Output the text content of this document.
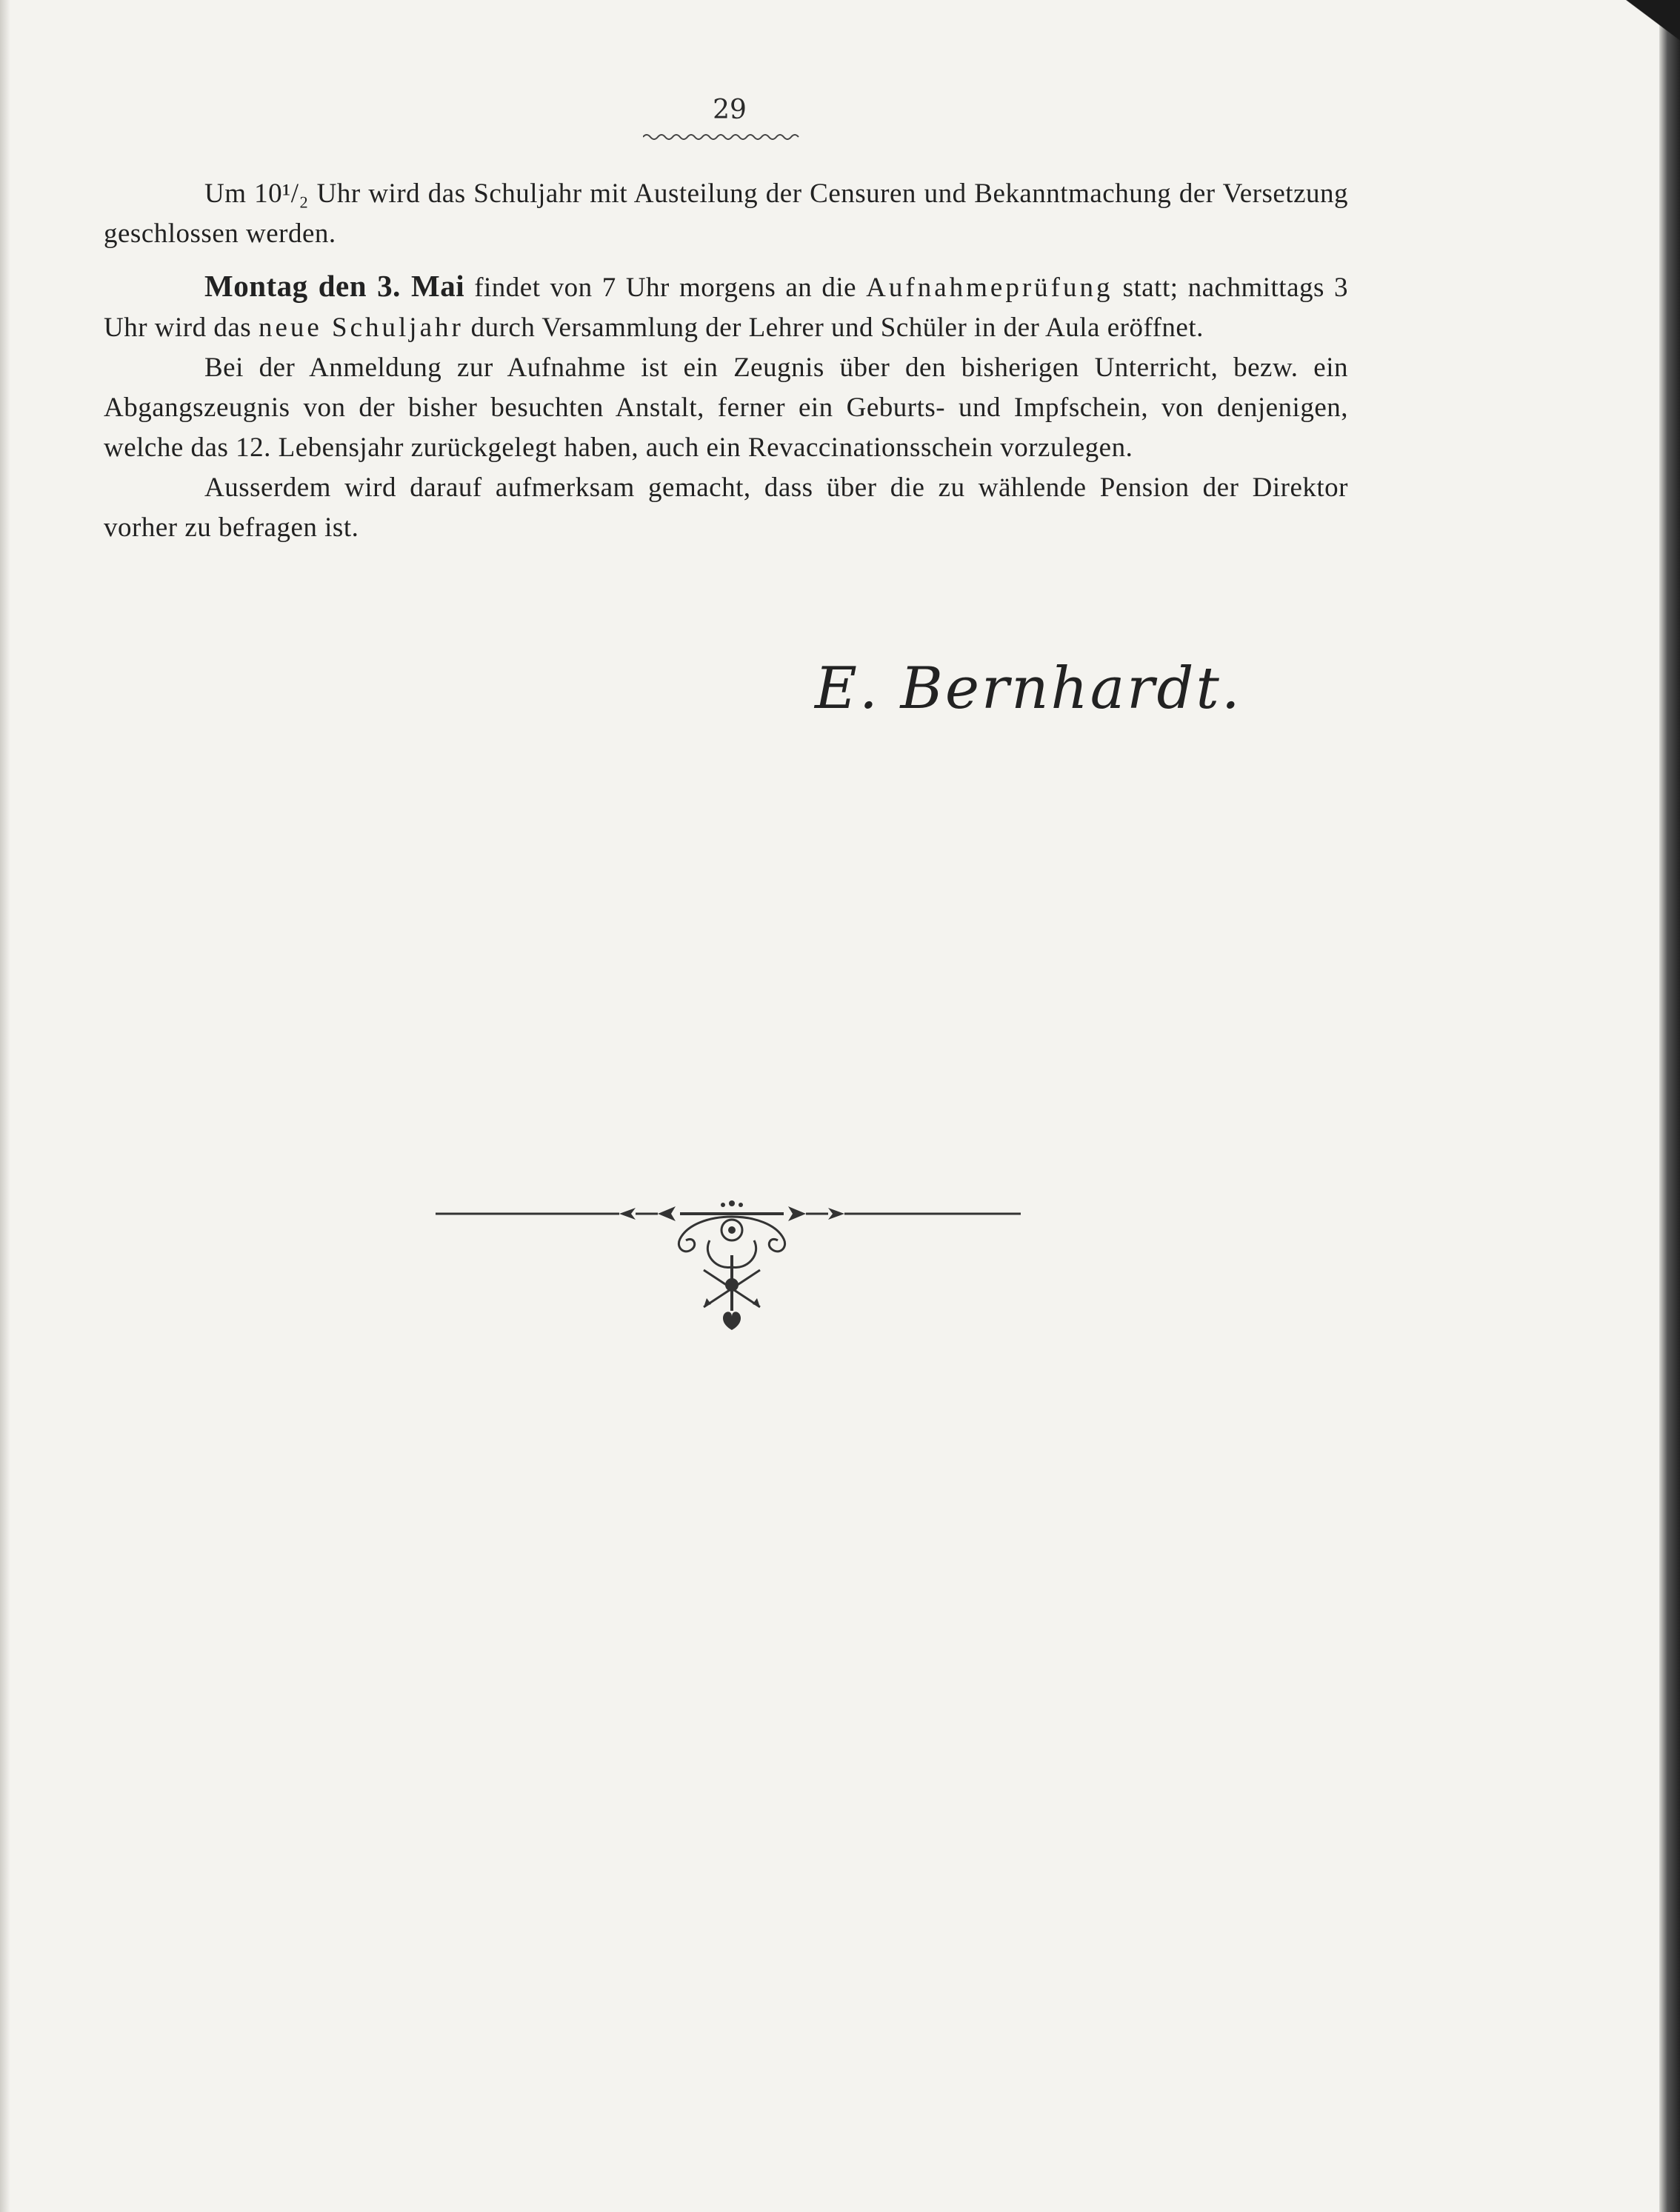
29

Um 10¹/₂ Uhr wird das Schuljahr mit Austeilung der Censuren und Bekanntmachung der Versetzung geschlossen werden.

Montag den 3. Mai findet von 7 Uhr morgens an die Aufnahmeprüfung statt; nachmittags 3 Uhr wird das neue Schuljahr durch Versammlung der Lehrer und Schüler in der Aula eröffnet.

Bei der Anmeldung zur Aufnahme ist ein Zeugnis über den bisherigen Unterricht, bezw. ein Abgangszeugnis von der bisher besuchten Anstalt, ferner ein Geburts- und Impfschein, von denjenigen, welche das 12. Lebensjahr zurückgelegt haben, auch ein Revaccinationsschein vorzulegen.

Ausserdem wird darauf aufmerksam gemacht, dass über die zu wählende Pension der Direktor vorher zu befragen ist.

E. Bernhardt.
